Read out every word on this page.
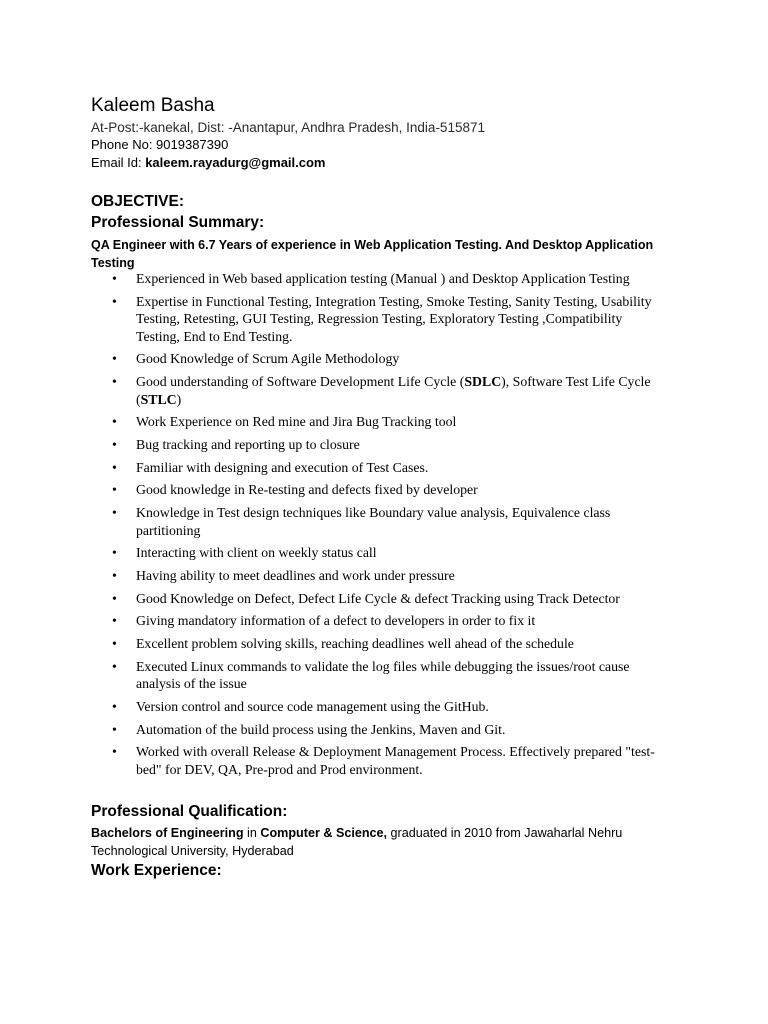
Kaleem Basha
At-Post:-kanekal, Dist: -Anantapur, Andhra Pradesh, India-515871
Phone No: 9019387390
Email Id: kaleem.rayadurg@gmail.com
OBJECTIVE:
Professional Summary:
QA Engineer with 6.7 Years of experience in Web Application Testing. And Desktop Application Testing
• Experienced in Web based application testing (Manual ) and Desktop Application Testing
• Expertise in Functional Testing, Integration Testing, Smoke Testing, Sanity Testing, Usability Testing, Retesting, GUI Testing, Regression Testing, Exploratory Testing ,Compatibility Testing, End to End Testing.
• Good Knowledge of Scrum Agile Methodology
• Good understanding of Software Development Life Cycle (SDLC), Software Test Life Cycle (STLC)
• Work Experience on Red mine and Jira Bug Tracking tool
• Bug tracking and reporting up to closure
• Familiar with designing and execution of Test Cases.
• Good knowledge in Re-testing and defects fixed by developer
• Knowledge in Test design techniques like Boundary value analysis, Equivalence class partitioning
• Interacting with client on weekly status call
• Having ability to meet deadlines and work under pressure
• Good Knowledge on Defect, Defect Life Cycle & defect Tracking using Track Detector
• Giving mandatory information of a defect to developers in order to fix it
• Excellent problem solving skills, reaching deadlines well ahead of the schedule
• Executed Linux commands to validate the log files while debugging the issues/root cause analysis of the issue
• Version control and source code management using the GitHub.
• Automation of the build process using the Jenkins, Maven and Git.
• Worked with overall Release & Deployment Management Process. Effectively prepared "test-bed" for DEV, QA, Pre-prod and Prod environment.
Professional Qualification:
Bachelors of Engineering in Computer & Science, graduated in 2010 from Jawaharlal Nehru Technological University, Hyderabad
Work Experience:
